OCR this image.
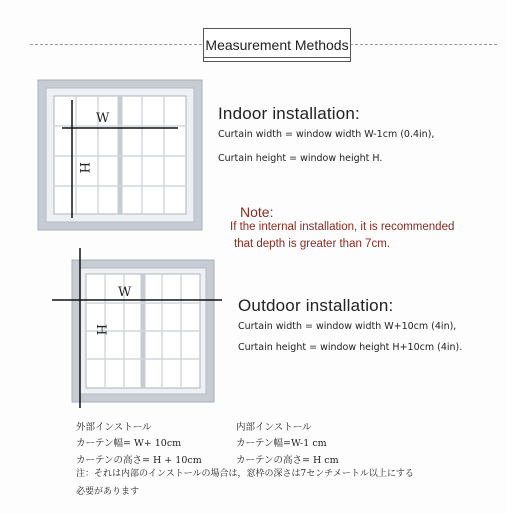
Measurement Methods
W
H
Indoor installation:
Curtain width = window width W-1cm (0.4in),
Curtain height = window height H.
Note:
If the internal installation, it is recommended
that depth is greater than 7cm.
W
H
Outdoor installation:
Curtain width = window width W+10cm (4in),
Curtain height = window height H+10cm (4in).
外部インストール
カーテン幅= W+ 10cm
カーテンの高さ= H + 10cm
内部インストール
カーテン幅=W-1 cm
カーテンの高さ= H cm
注：それは内部のインストールの場合は，窓枠の深さは7センチメートル以上にする
必要があります
